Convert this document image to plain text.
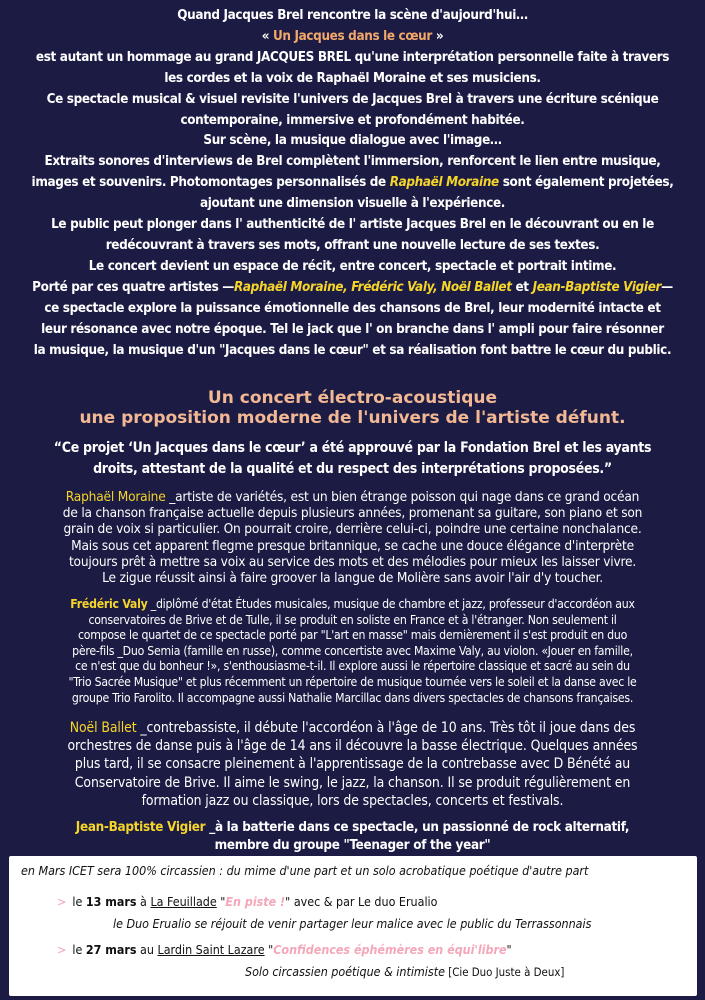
Quand Jacques Brel rencontre la scène d'aujourd'hui…
« Un Jacques dans le cœur »
est autant un hommage au grand JACQUES BREL qu'une interprétation personnelle faite à travers
les cordes et la voix de Raphaël Moraine et ses musiciens.
Ce spectacle musical & visuel revisite l'univers de Jacques Brel à travers une écriture scénique
contemporaine, immersive et profondément habitée.
Sur scène, la musique dialogue avec l'image…
Extraits sonores d'interviews de Brel complètent l'immersion, renforcent le lien entre musique,
images et souvenirs. Photomontages personnalisés de Raphaël Moraine sont également projetées,
ajoutant une dimension visuelle à l'expérience.
Le public peut plonger dans l' authenticité de l' artiste Jacques Brel en le découvrant ou en le
redécouvrant à travers ses mots, offrant une nouvelle lecture de ses textes.
Le concert devient un espace de récit, entre concert, spectacle et portrait intime.
Porté par ces quatre artistes —Raphaël Moraine, Frédéric Valy, Noël Ballet et Jean-Baptiste Vigier—
ce spectacle explore la puissance émotionnelle des chansons de Brel, leur modernité intacte et
leur résonance avec notre époque. Tel le jack que l' on branche dans l' ampli pour faire résonner
la musique, la musique d'un "Jacques dans le cœur" et sa réalisation font battre le cœur du public.
Un concert électro-acoustique
une proposition moderne de l'univers de l'artiste défunt.
“Ce projet ‘Un Jacques dans le cœur’ a été approuvé par la Fondation Brel et les ayants
droits, attestant de la qualité et du respect des interprétations proposées.”
Raphaël Moraine _artiste de variétés, est un bien étrange poisson qui nage dans ce grand océan
de la chanson française actuelle depuis plusieurs années, promenant sa guitare, son piano et son
grain de voix si particulier. On pourrait croire, derrière celui-ci, poindre une certaine nonchalance.
Mais sous cet apparent flegme presque britannique, se cache une douce élégance d'interprète
toujours prêt à mettre sa voix au service des mots et des mélodies pour mieux les laisser vivre.
Le zigue réussit ainsi à faire groover la langue de Molière sans avoir l'air d'y toucher.
Frédéric Valy _diplômé d'état Études musicales, musique de chambre et jazz, professeur d'accordéon aux
conservatoires de Brive et de Tulle, il se produit en soliste en France et à l'étranger. Non seulement il
compose le quartet de ce spectacle porté par "L'art en masse" mais dernièrement il s'est produit en duo
père-fils _Duo Semia (famille en russe), comme concertiste avec Maxime Valy, au violon. «Jouer en famille,
ce n'est que du bonheur !», s'enthousiasme-t-il. Il explore aussi le répertoire classique et sacré au sein du
"Trio Sacrée Musique" et plus récemment un répertoire de musique tournée vers le soleil et la danse avec le
groupe Trio Farolito. Il accompagne aussi Nathalie Marcillac dans divers spectacles de chansons françaises.
Noël Ballet _contrebassiste, il débute l'accordéon à l'âge de 10 ans. Très tôt il joue dans des
orchestres de danse puis à l'âge de 14 ans il découvre la basse électrique. Quelques années
plus tard, il se consacre pleinement à l'apprentissage de la contrebasse avec D Bénété au
Conservatoire de Brive. Il aime le swing, le jazz, la chanson. Il se produit régulièrement en
formation jazz ou classique, lors de spectacles, concerts et festivals.
Jean-Baptiste Vigier _à la batterie dans ce spectacle, un passionné de rock alternatif,
membre du groupe "Teenager of the year"
en Mars ICET sera 100% circassien : du mime d'une part et un solo acrobatique poétique d'autre part
> le 13 mars à La Feuillade "En piste !" avec & par Le duo Erualio
le Duo Erualio se réjouit de venir partager leur malice avec le public du Terrassonnais
> le 27 mars au Lardin Saint Lazare "Confidences éphémères en équi'libre"
Solo circassien poétique & intimiste [Cie Duo Juste à Deux]
